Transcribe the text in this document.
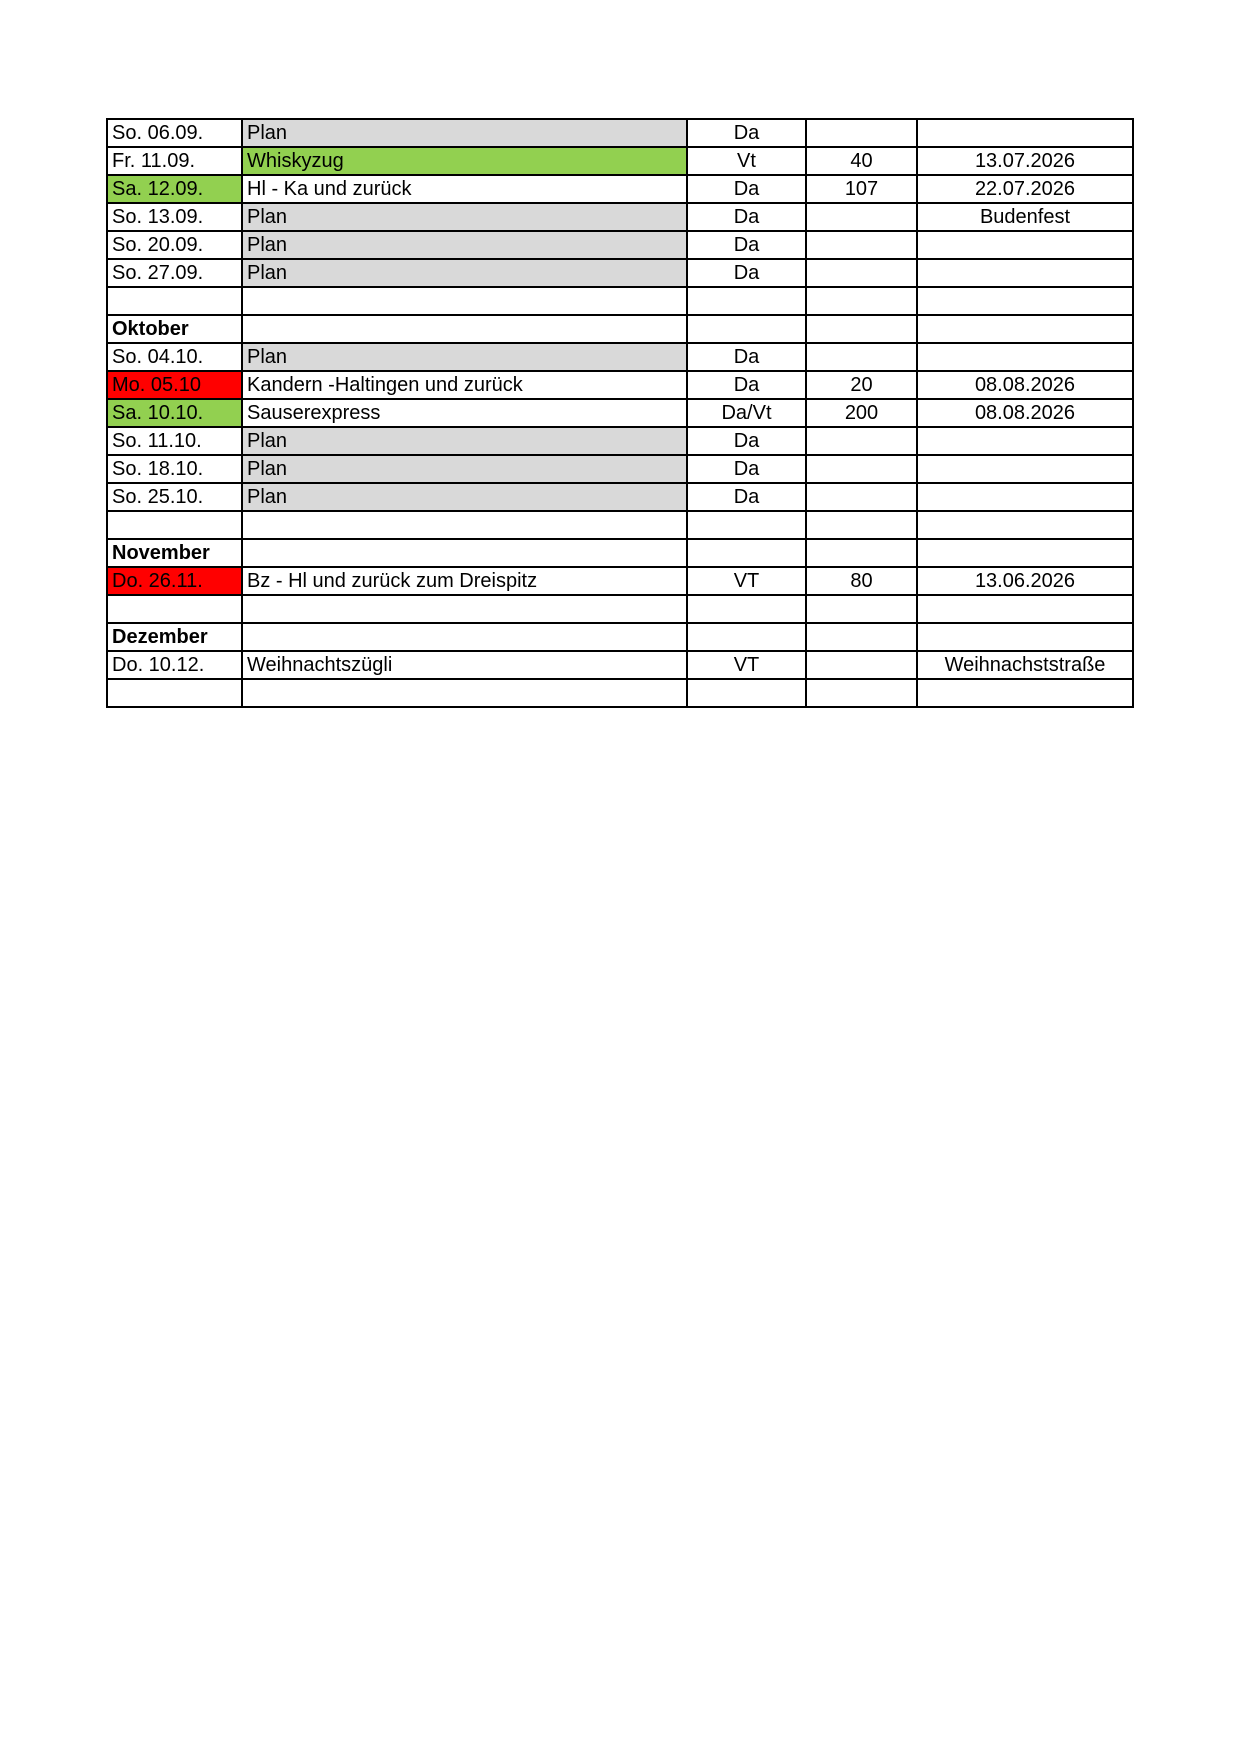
So. 06.09.	Plan	Da		
Fr. 11.09.	Whiskyzug	Vt	40	13.07.2026
Sa. 12.09.	Hl - Ka und zurück	Da	107	22.07.2026
So. 13.09.	Plan	Da		Budenfest
So. 20.09.	Plan	Da		
So. 27.09.	Plan	Da		

Oktober				
So. 04.10.	Plan	Da		
Mo. 05.10	Kandern -Haltingen und zurück	Da	20	08.08.2026
Sa. 10.10.	Sauserexpress	Da/Vt	200	08.08.2026
So. 11.10.	Plan	Da		
So. 18.10.	Plan	Da		
So. 25.10.	Plan	Da		

November				
Do. 26.11.	Bz - Hl und zurück zum Dreispitz	VT	80	13.06.2026

Dezember				
Do. 10.12.	Weihnachtszügli	VT		Weihnachststraße
